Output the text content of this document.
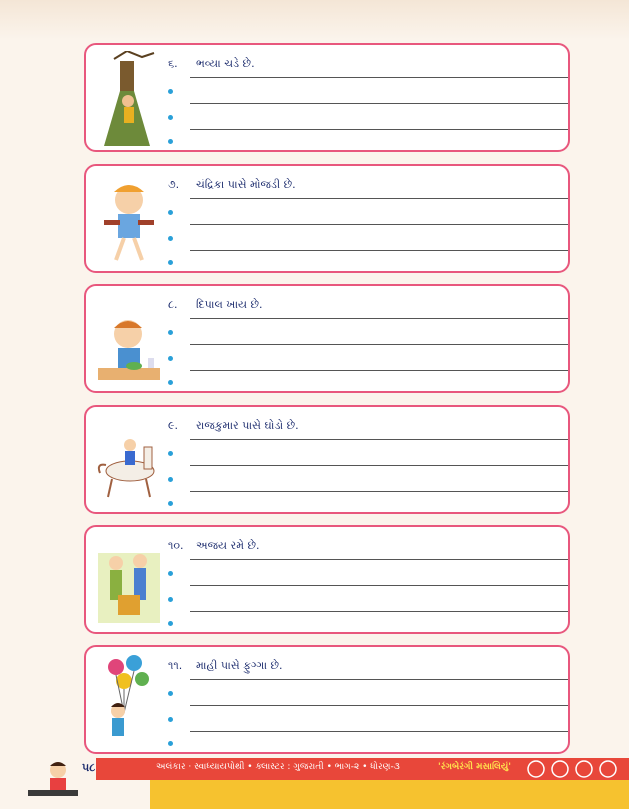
૬.	ભવ્યા ચડે છે.
૭.	ચંદ્રિકા પાસે મોજડી છે.
૮.	દિપાલ ખાય છે.
૯.	રાજકુમાર પાસે ઘોડો છે.
૧૦.	અજય રમે છે.
૧૧.	માહી પાસે ફુગ્ગા છે.
૫૮	અલંકાર · સ્વાધ્યાયપોથી • ક્લાસ્ટર : ગુજરાતી • ભાગ-૨ • ધોરણ-૩	'રંગબેરંગી મસાલિયું'
